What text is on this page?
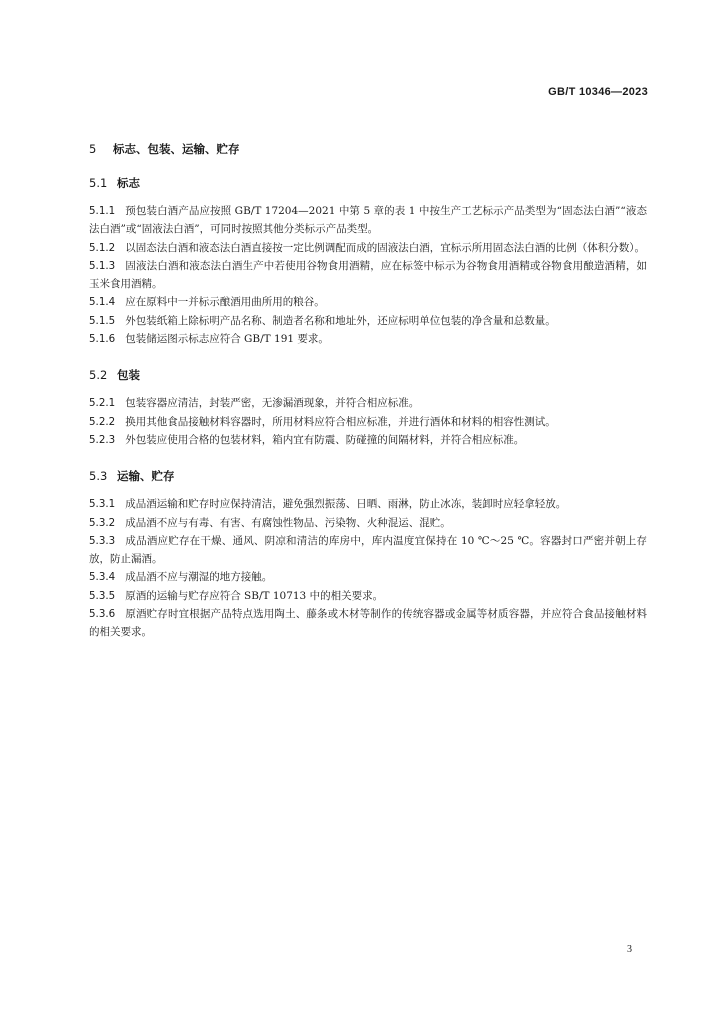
GB/T 10346—2023
5 标志、包装、运输、贮存
5.1 标志
5.1.1 预包装白酒产品应按照 GB/T 17204—2021 中第 5 章的表 1 中按生产工艺标示产品类型为“固态法白酒”“液态法白酒”或“固液法白酒”，可同时按照其他分类标示产品类型。
5.1.2 以固态法白酒和液态法白酒直接按一定比例调配而成的固液法白酒，宜标示所用固态法白酒的比例（体积分数）。
5.1.3 固液法白酒和液态法白酒生产中若使用谷物食用酒精，应在标签中标示为谷物食用酒精或谷物食用酿造酒精，如玉米食用酒精。
5.1.4 应在原料中一并标示酿酒用曲所用的粮谷。
5.1.5 外包装纸箱上除标明产品名称、制造者名称和地址外，还应标明单位包装的净含量和总数量。
5.1.6 包装储运图示标志应符合 GB/T 191 要求。
5.2 包装
5.2.1 包装容器应清洁，封装严密，无渗漏酒现象，并符合相应标准。
5.2.2 换用其他食品接触材料容器时，所用材料应符合相应标准，并进行酒体和材料的相容性测试。
5.2.3 外包装应使用合格的包装材料，箱内宜有防震、防碰撞的间隔材料，并符合相应标准。
5.3 运输、贮存
5.3.1 成品酒运输和贮存时应保持清洁，避免强烈振荡、日晒、雨淋，防止冰冻，装卸时应轻拿轻放。
5.3.2 成品酒不应与有毒、有害、有腐蚀性物品、污染物、火种混运、混贮。
5.3.3 成品酒应贮存在干燥、通风、阴凉和清洁的库房中，库内温度宜保持在 10 ℃～25 ℃。容器封口严密并朝上存放，防止漏酒。
5.3.4 成品酒不应与潮湿的地方接触。
5.3.5 原酒的运输与贮存应符合 SB/T 10713 中的相关要求。
5.3.6 原酒贮存时宜根据产品特点选用陶土、藤条或木材等制作的传统容器或金属等材质容器，并应符合食品接触材料的相关要求。
3
